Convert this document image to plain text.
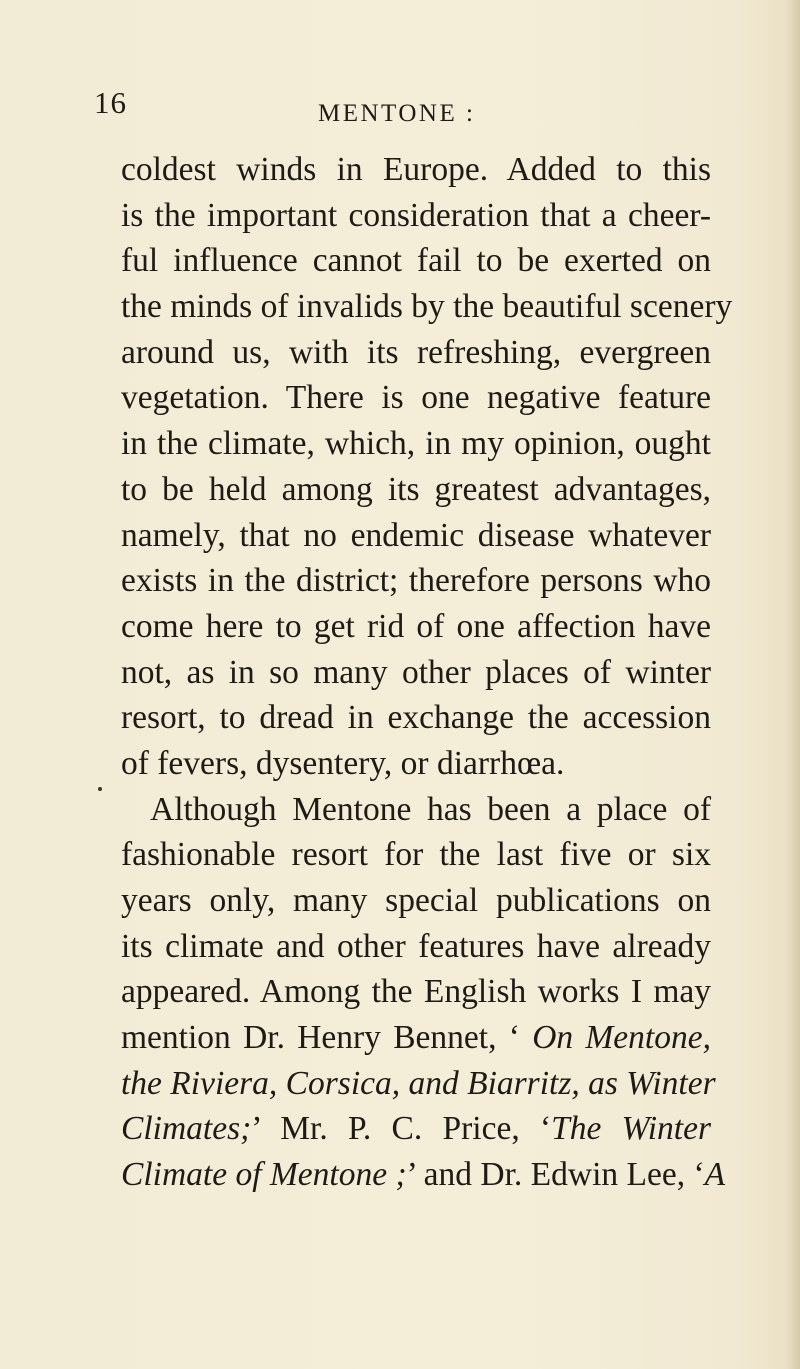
16	MENTONE :
coldest winds in Europe. Added to this
is the important consideration that a cheer-
ful influence cannot fail to be exerted on
the minds of invalids by the beautiful scenery
around us, with its refreshing, evergreen
vegetation. There is one negative feature
in the climate, which, in my opinion, ought
to be held among its greatest advantages,
namely, that no endemic disease whatever
exists in the district; therefore persons who
come here to get rid of one affection have
not, as in so many other places of winter
resort, to dread in exchange the accession
of fevers, dysentery, or diarrhœa.
Although Mentone has been a place of
fashionable resort for the last five or six
years only, many special publications on
its climate and other features have already
appeared. Among the English works I may
mention Dr. Henry Bennet, ‘ On Mentone,
the Riviera, Corsica, and Biarritz, as Winter
Climates;’ Mr. P. C. Price, ‘The Winter
Climate of Mentone ;’ and Dr. Edwin Lee, ‘A
